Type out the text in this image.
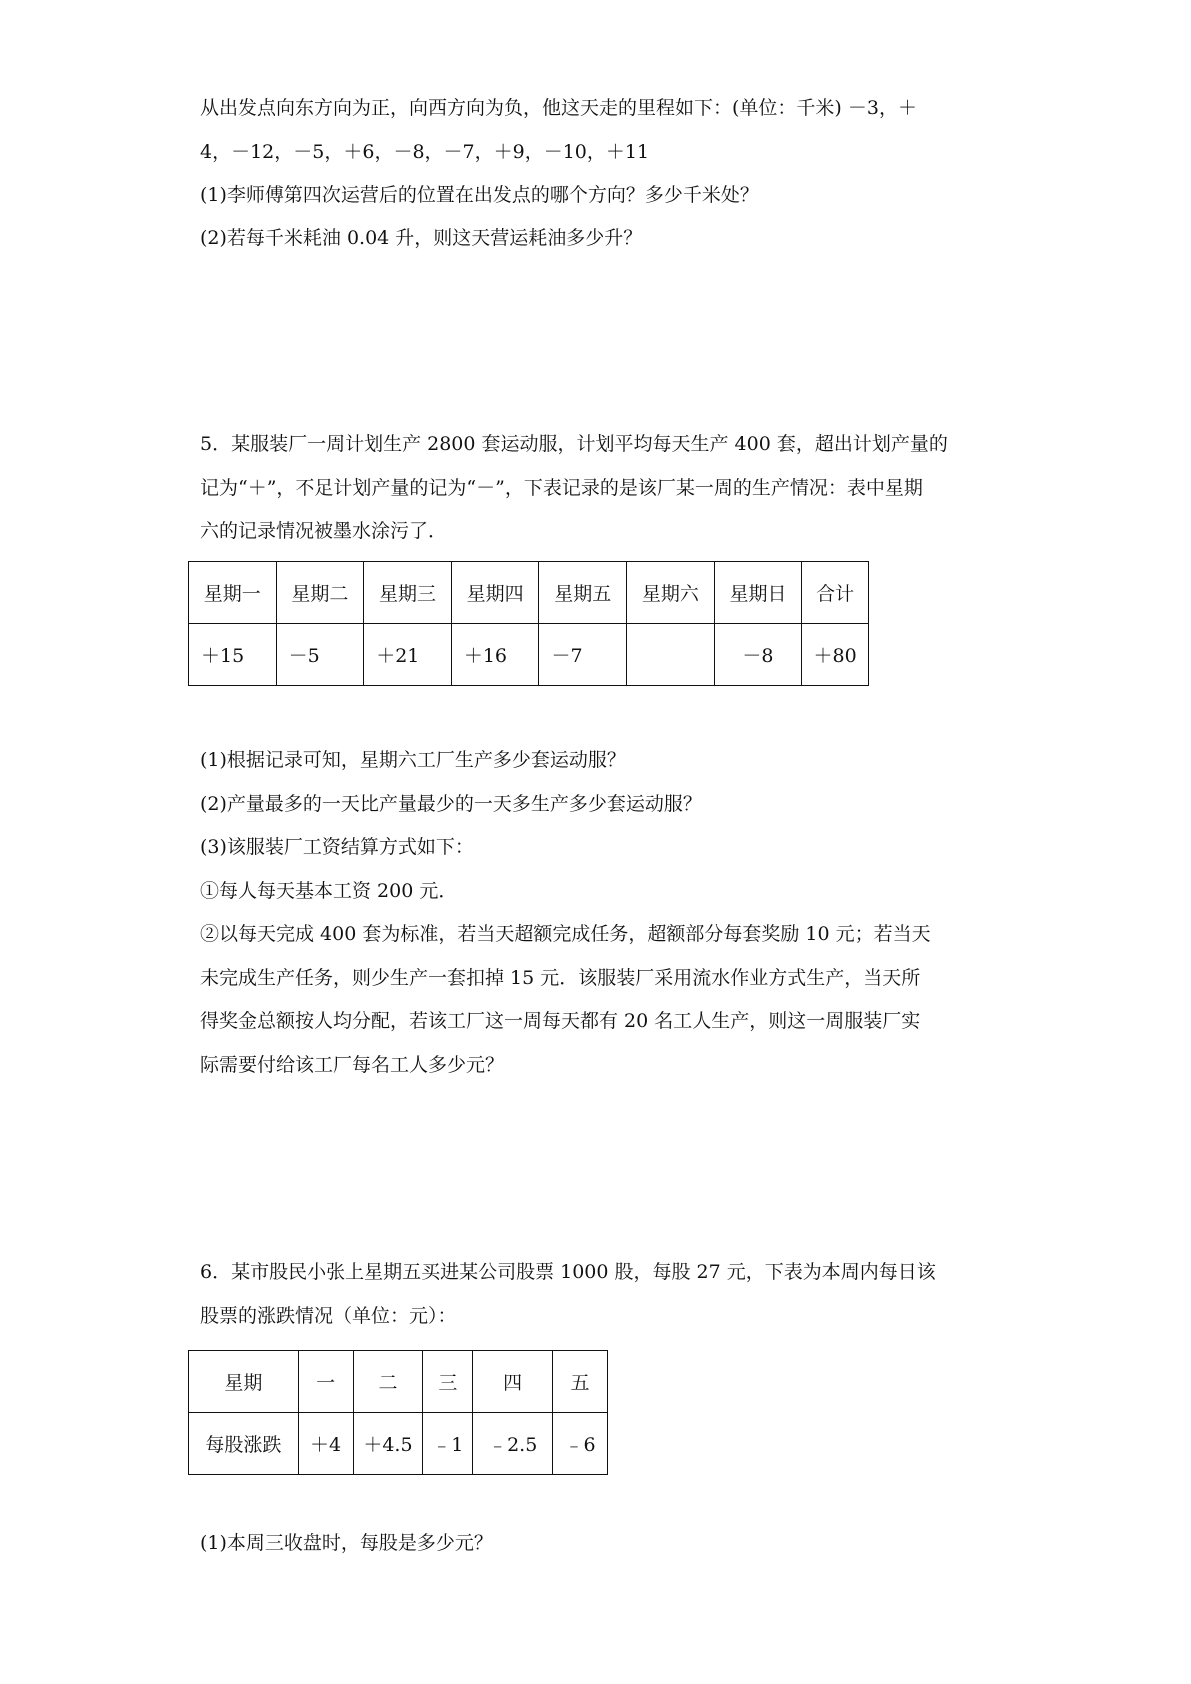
从出发点向东方向为正，向西方向为负，他这天走的里程如下：(单位：千米) －3，＋
4，－12，－5，＋6，－8，－7，＋9，－10，＋11
(1)李师傅第四次运营后的位置在出发点的哪个方向？多少千米处？
(2)若每千米耗油 0.04 升，则这天营运耗油多少升？
5．某服装厂一周计划生产 2800 套运动服，计划平均每天生产 400 套，超出计划产量的
记为“＋”，不足计划产量的记为“－”，下表记录的是该厂某一周的生产情况：表中星期
六的记录情况被墨水涂污了．
星期一	星期二	星期三	星期四	星期五	星期六	星期日	合计
＋15	－5	＋21	＋16	－7		－8	＋80
(1)根据记录可知，星期六工厂生产多少套运动服？
(2)产量最多的一天比产量最少的一天多生产多少套运动服？
(3)该服装厂工资结算方式如下：
①每人每天基本工资 200 元．
②以每天完成 400 套为标准，若当天超额完成任务，超额部分每套奖励 10 元；若当天
未完成生产任务，则少生产一套扣掉 15 元．该服装厂采用流水作业方式生产，当天所
得奖金总额按人均分配，若该工厂这一周每天都有 20 名工人生产，则这一周服装厂实
际需要付给该工厂每名工人多少元？
6．某市股民小张上星期五买进某公司股票 1000 股，每股 27 元，下表为本周内每日该
股票的涨跌情况（单位：元）：
星期	一	二	三	四	五
每股涨跌	＋4	＋4.5	﹣1	﹣2.5	﹣6
(1)本周三收盘时，每股是多少元？
